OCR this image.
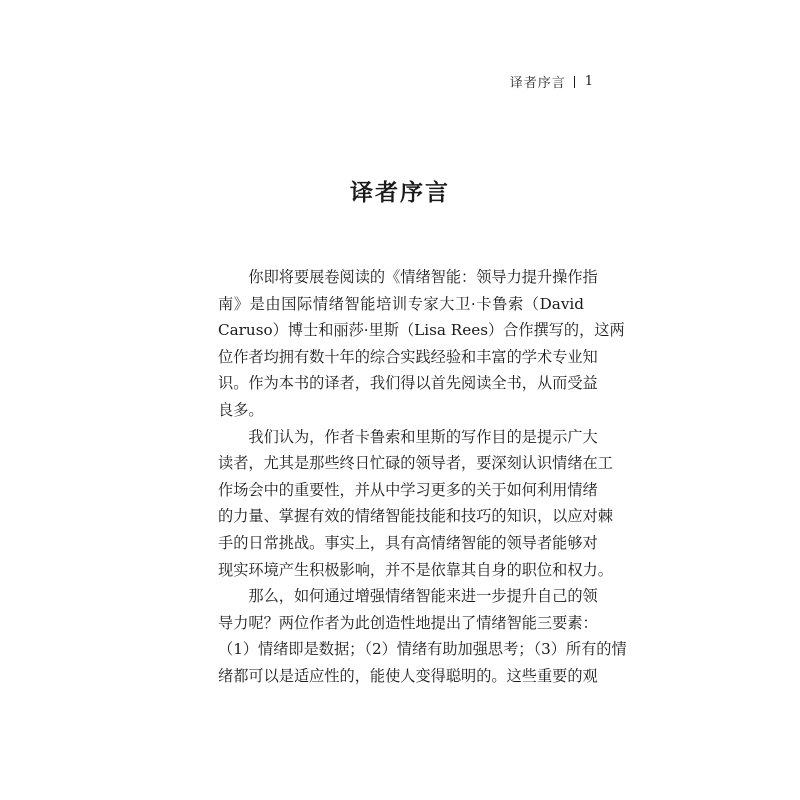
译者序言 1
译者序言

　　你即将要展卷阅读的《情绪智能：领导力提升操作指
南》是由国际情绪智能培训专家大卫·卡鲁索（David
Caruso）博士和丽莎·里斯（Lisa Rees）合作撰写的，这两
位作者均拥有数十年的综合实践经验和丰富的学术专业知
识。作为本书的译者，我们得以首先阅读全书，从而受益
良多。

　　我们认为，作者卡鲁索和里斯的写作目的是提示广大
读者，尤其是那些终日忙碌的领导者，要深刻认识情绪在工
作场会中的重要性，并从中学习更多的关于如何利用情绪
的力量、掌握有效的情绪智能技能和技巧的知识，以应对棘
手的日常挑战。事实上，具有高情绪智能的领导者能够对
现实环境产生积极影响，并不是依靠其自身的职位和权力。

　　那么，如何通过增强情绪智能来进一步提升自己的领
导力呢？两位作者为此创造性地提出了情绪智能三要素：
（1）情绪即是数据；（2）情绪有助加强思考；（3）所有的情
绪都可以是适应性的，能使人变得聪明的。这些重要的观
